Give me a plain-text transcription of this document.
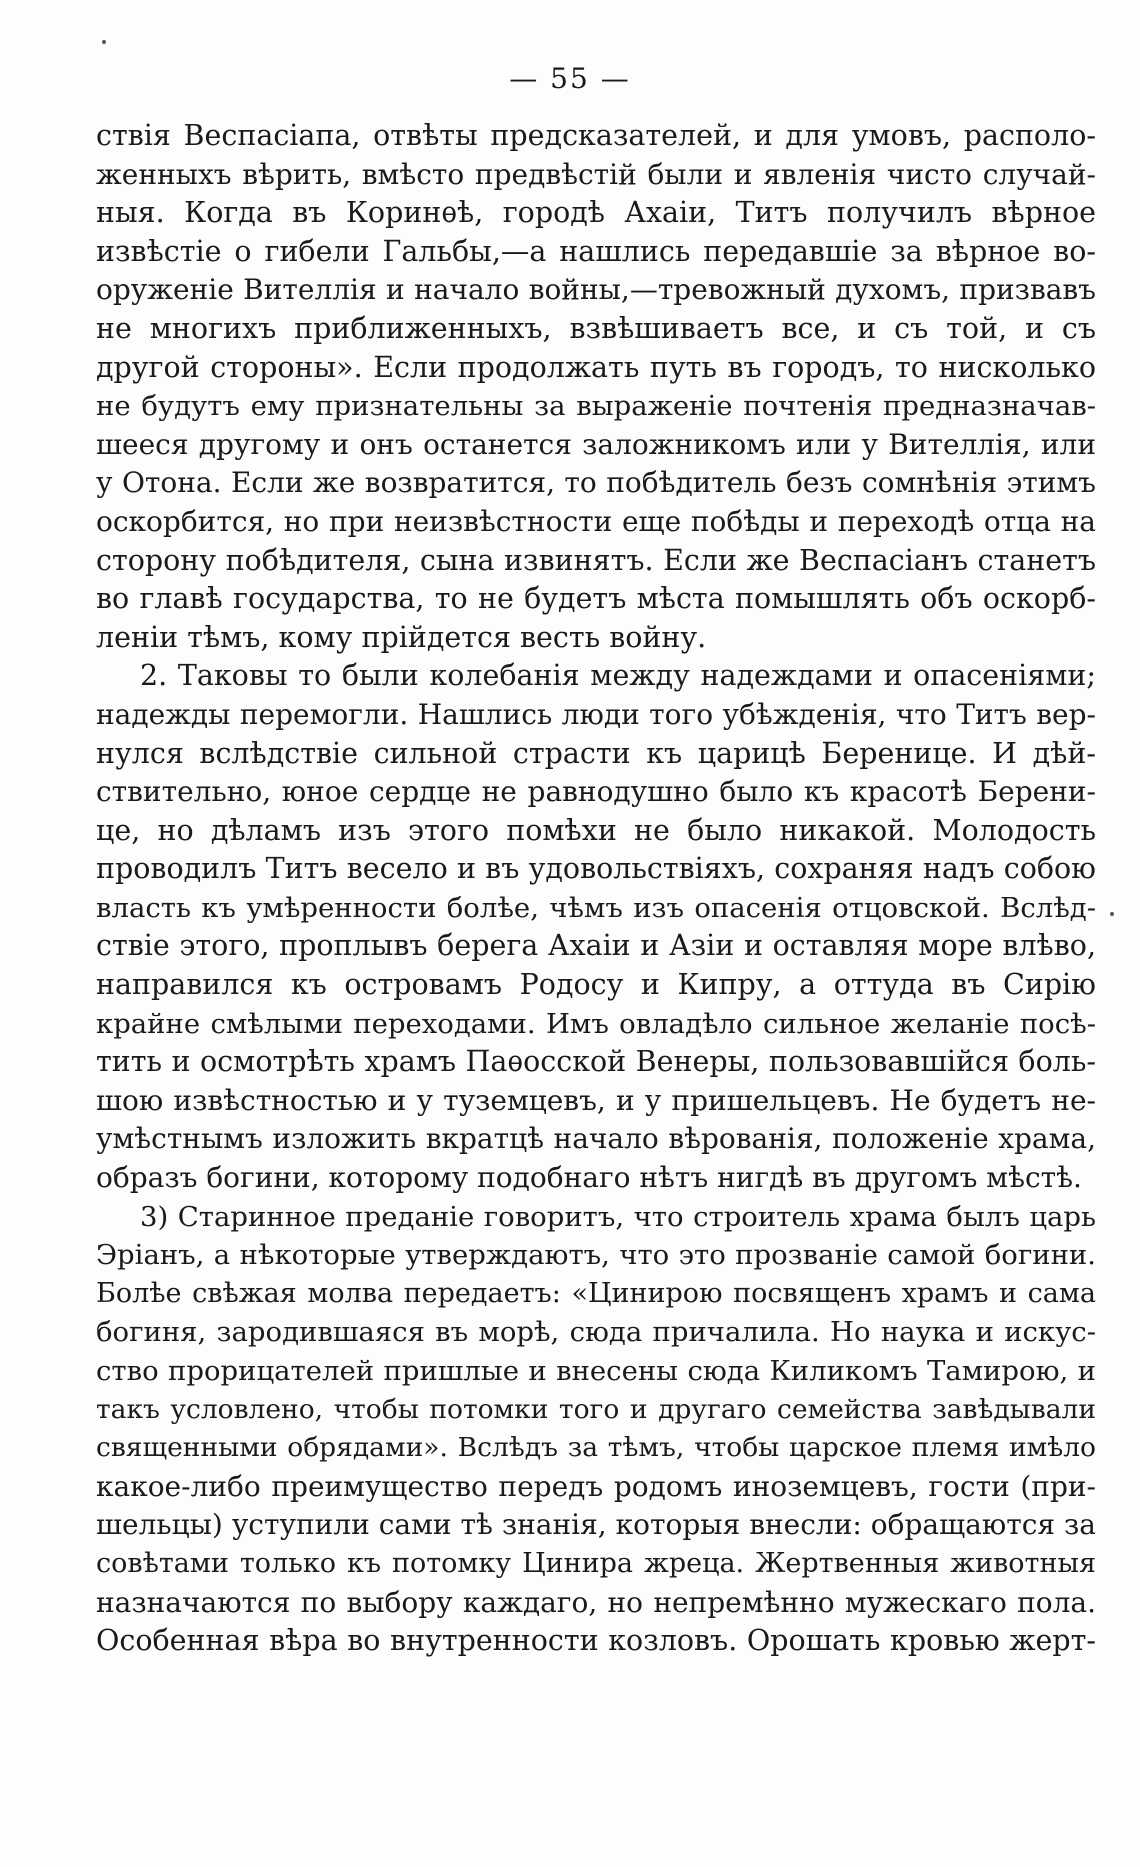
— 55 —
ствія Веспасіапа, отвѣты предсказателей, и для умовъ, располо-
женныхъ вѣрить, вмѣсто предвѣстій были и явленія чисто случай-
ныя. Когда въ Коринѳѣ, городѣ Ахаіи, Титъ получилъ вѣрное
извѣстіе о гибели Гальбы,—а нашлись передавшіе за вѣрное во-
оруженіе Вителлія и начало войны,—тревожный духомъ, призвавъ
не многихъ приближенныхъ, взвѣшиваетъ все, и съ той, и съ
другой стороны». Если продолжать путь въ городъ, то нисколько
не будутъ ему признательны за выраженіе почтенія предназначав-
шееся другому и онъ останется заложникомъ или у Вителлія, или
у Отона. Если же возвратится, то побѣдитель безъ сомнѣнія этимъ
оскорбится, но при неизвѣстности еще побѣды и переходѣ отца на
сторону побѣдителя, сына извинятъ. Если же Веспасіанъ станетъ
во главѣ государства, то не будетъ мѣста помышлять объ оскорб-
леніи тѣмъ, кому прійдется весть войну.
2. Таковы то были колебанія между надеждами и опасеніями;
надежды перемогли. Нашлись люди того убѣжденія, что Титъ вер-
нулся вслѣдствіе сильной страсти къ царицѣ Беренице. И дѣй-
ствительно, юное сердце не равнодушно было къ красотѣ Берени-
це, но дѣламъ изъ этого помѣхи не было никакой. Молодость
проводилъ Титъ весело и въ удовольствіяхъ, сохраняя надъ собою
власть къ умѣренности болѣе, чѣмъ изъ опасенія отцовской. Вслѣд-
ствіе этого, проплывъ берега Ахаіи и Азіи и оставляя море влѣво,
направился къ островамъ Родосу и Кипру, а оттуда въ Сирію
крайне смѣлыми переходами. Имъ овладѣло сильное желаніе посѣ-
тить и осмотрѣть храмъ Паѳосской Венеры, пользовавшійся боль-
шою извѣстностью и у туземцевъ, и у пришельцевъ. Не будетъ не-
умѣстнымъ изложить вкратцѣ начало вѣрованія, положеніе храма,
образъ богини, которому подобнаго нѣтъ нигдѣ въ другомъ мѣстѣ.
3) Старинное преданіе говоритъ, что строитель храма былъ царь
Эріанъ, а нѣкоторые утверждаютъ, что это прозваніе самой богини.
Болѣе свѣжая молва передаетъ: «Цинирою посвященъ храмъ и сама
богиня, зародившаяся въ морѣ, сюда причалила. Но наука и искус-
ство прорицателей пришлые и внесены сюда Киликомъ Тамирою, и
такъ условлено, чтобы потомки того и другаго семейства завѣдывали
священными обрядами». Вслѣдъ за тѣмъ, чтобы царское племя имѣло
какое-либо преимущество передъ родомъ иноземцевъ, гости (при-
шельцы) уступили сами тѣ знанія, которыя внесли: обращаются за
совѣтами только къ потомку Цинира жреца. Жертвенныя животныя
назначаются по выбору каждаго, но непремѣнно мужескаго пола.
Особенная вѣра во внутренности козловъ. Орошать кровью жерт-
